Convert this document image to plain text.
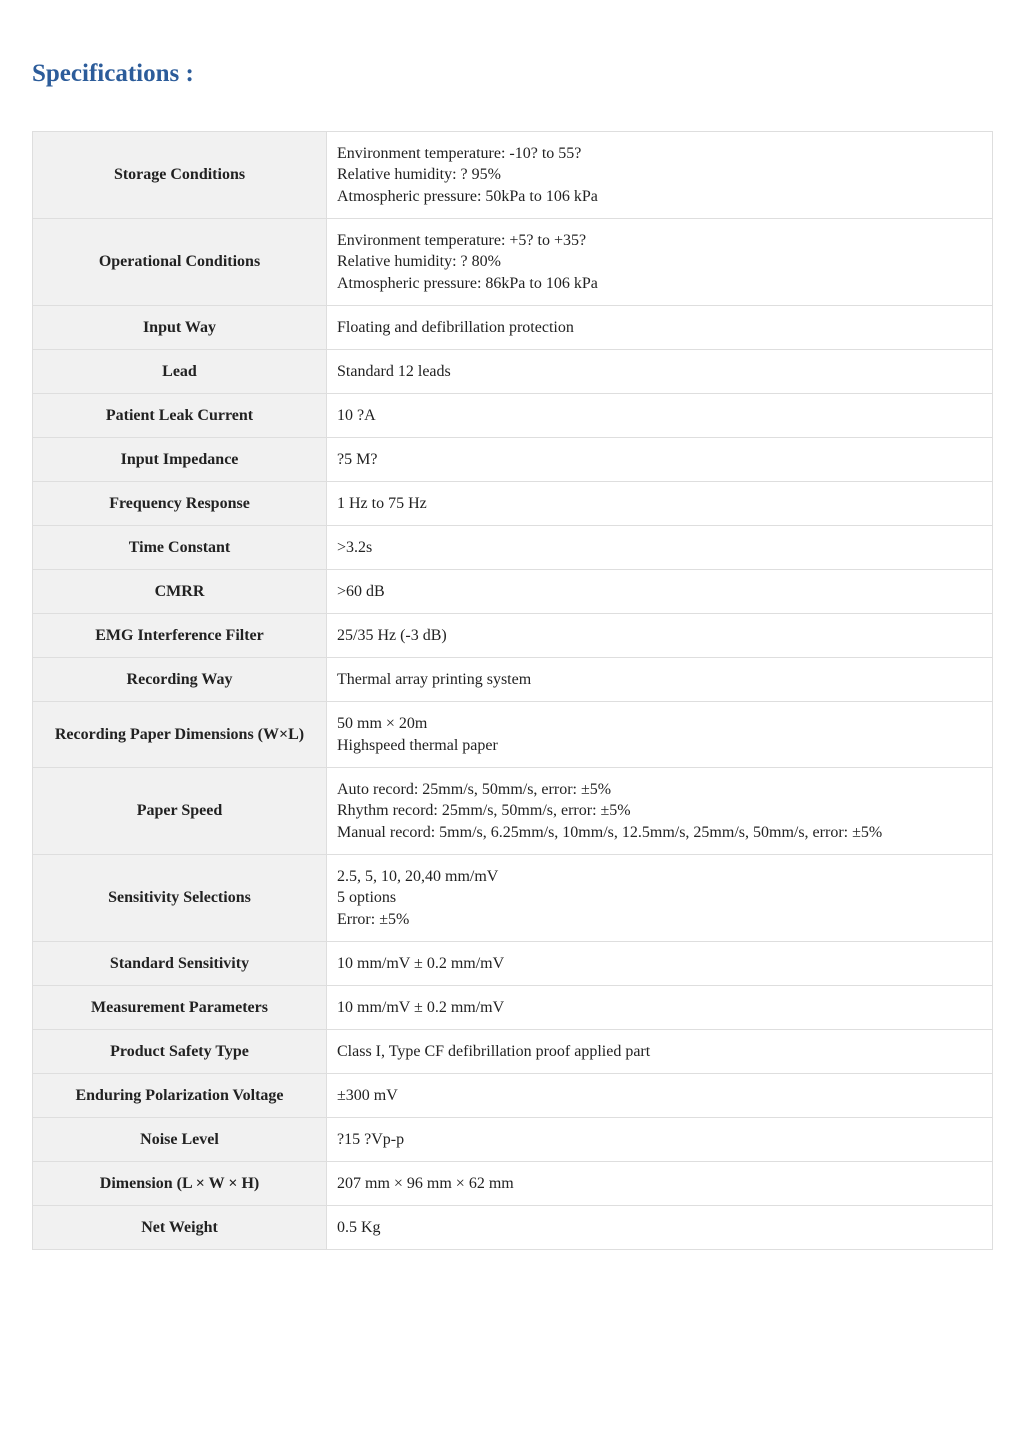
Specifications :
Storage Conditions	Environment temperature: -10? to 55?
Relative humidity: ? 95%
Atmospheric pressure: 50kPa to 106 kPa

Operational Conditions	Environment temperature: +5? to +35?
Relative humidity: ? 80%
Atmospheric pressure: 86kPa to 106 kPa

Input Way	Floating and defibrillation protection

Lead	Standard 12 leads

Patient Leak Current	10 ?A

Input Impedance	?5 M?

Frequency Response	1 Hz to 75 Hz

Time Constant	>3.2s

CMRR	>60 dB

EMG Interference Filter	25/35 Hz (-3 dB)

Recording Way	Thermal array printing system

Recording Paper Dimensions (W×L)	50 mm × 20m
Highspeed thermal paper

Paper Speed	Auto record: 25mm/s, 50mm/s, error: ±5%
Rhythm record: 25mm/s, 50mm/s, error: ±5%
Manual record: 5mm/s, 6.25mm/s, 10mm/s, 12.5mm/s, 25mm/s, 50mm/s, error: ±5%

Sensitivity Selections	2.5, 5, 10, 20,40 mm/mV
5 options
Error: ±5%

Standard Sensitivity	10 mm/mV ± 0.2 mm/mV

Measurement Parameters	10 mm/mV ± 0.2 mm/mV

Product Safety Type	Class I, Type CF defibrillation proof applied part

Enduring Polarization Voltage	±300 mV

Noise Level	?15 ?Vp-p

Dimension (L × W × H)	207 mm × 96 mm × 62 mm

Net Weight	0.5 Kg
